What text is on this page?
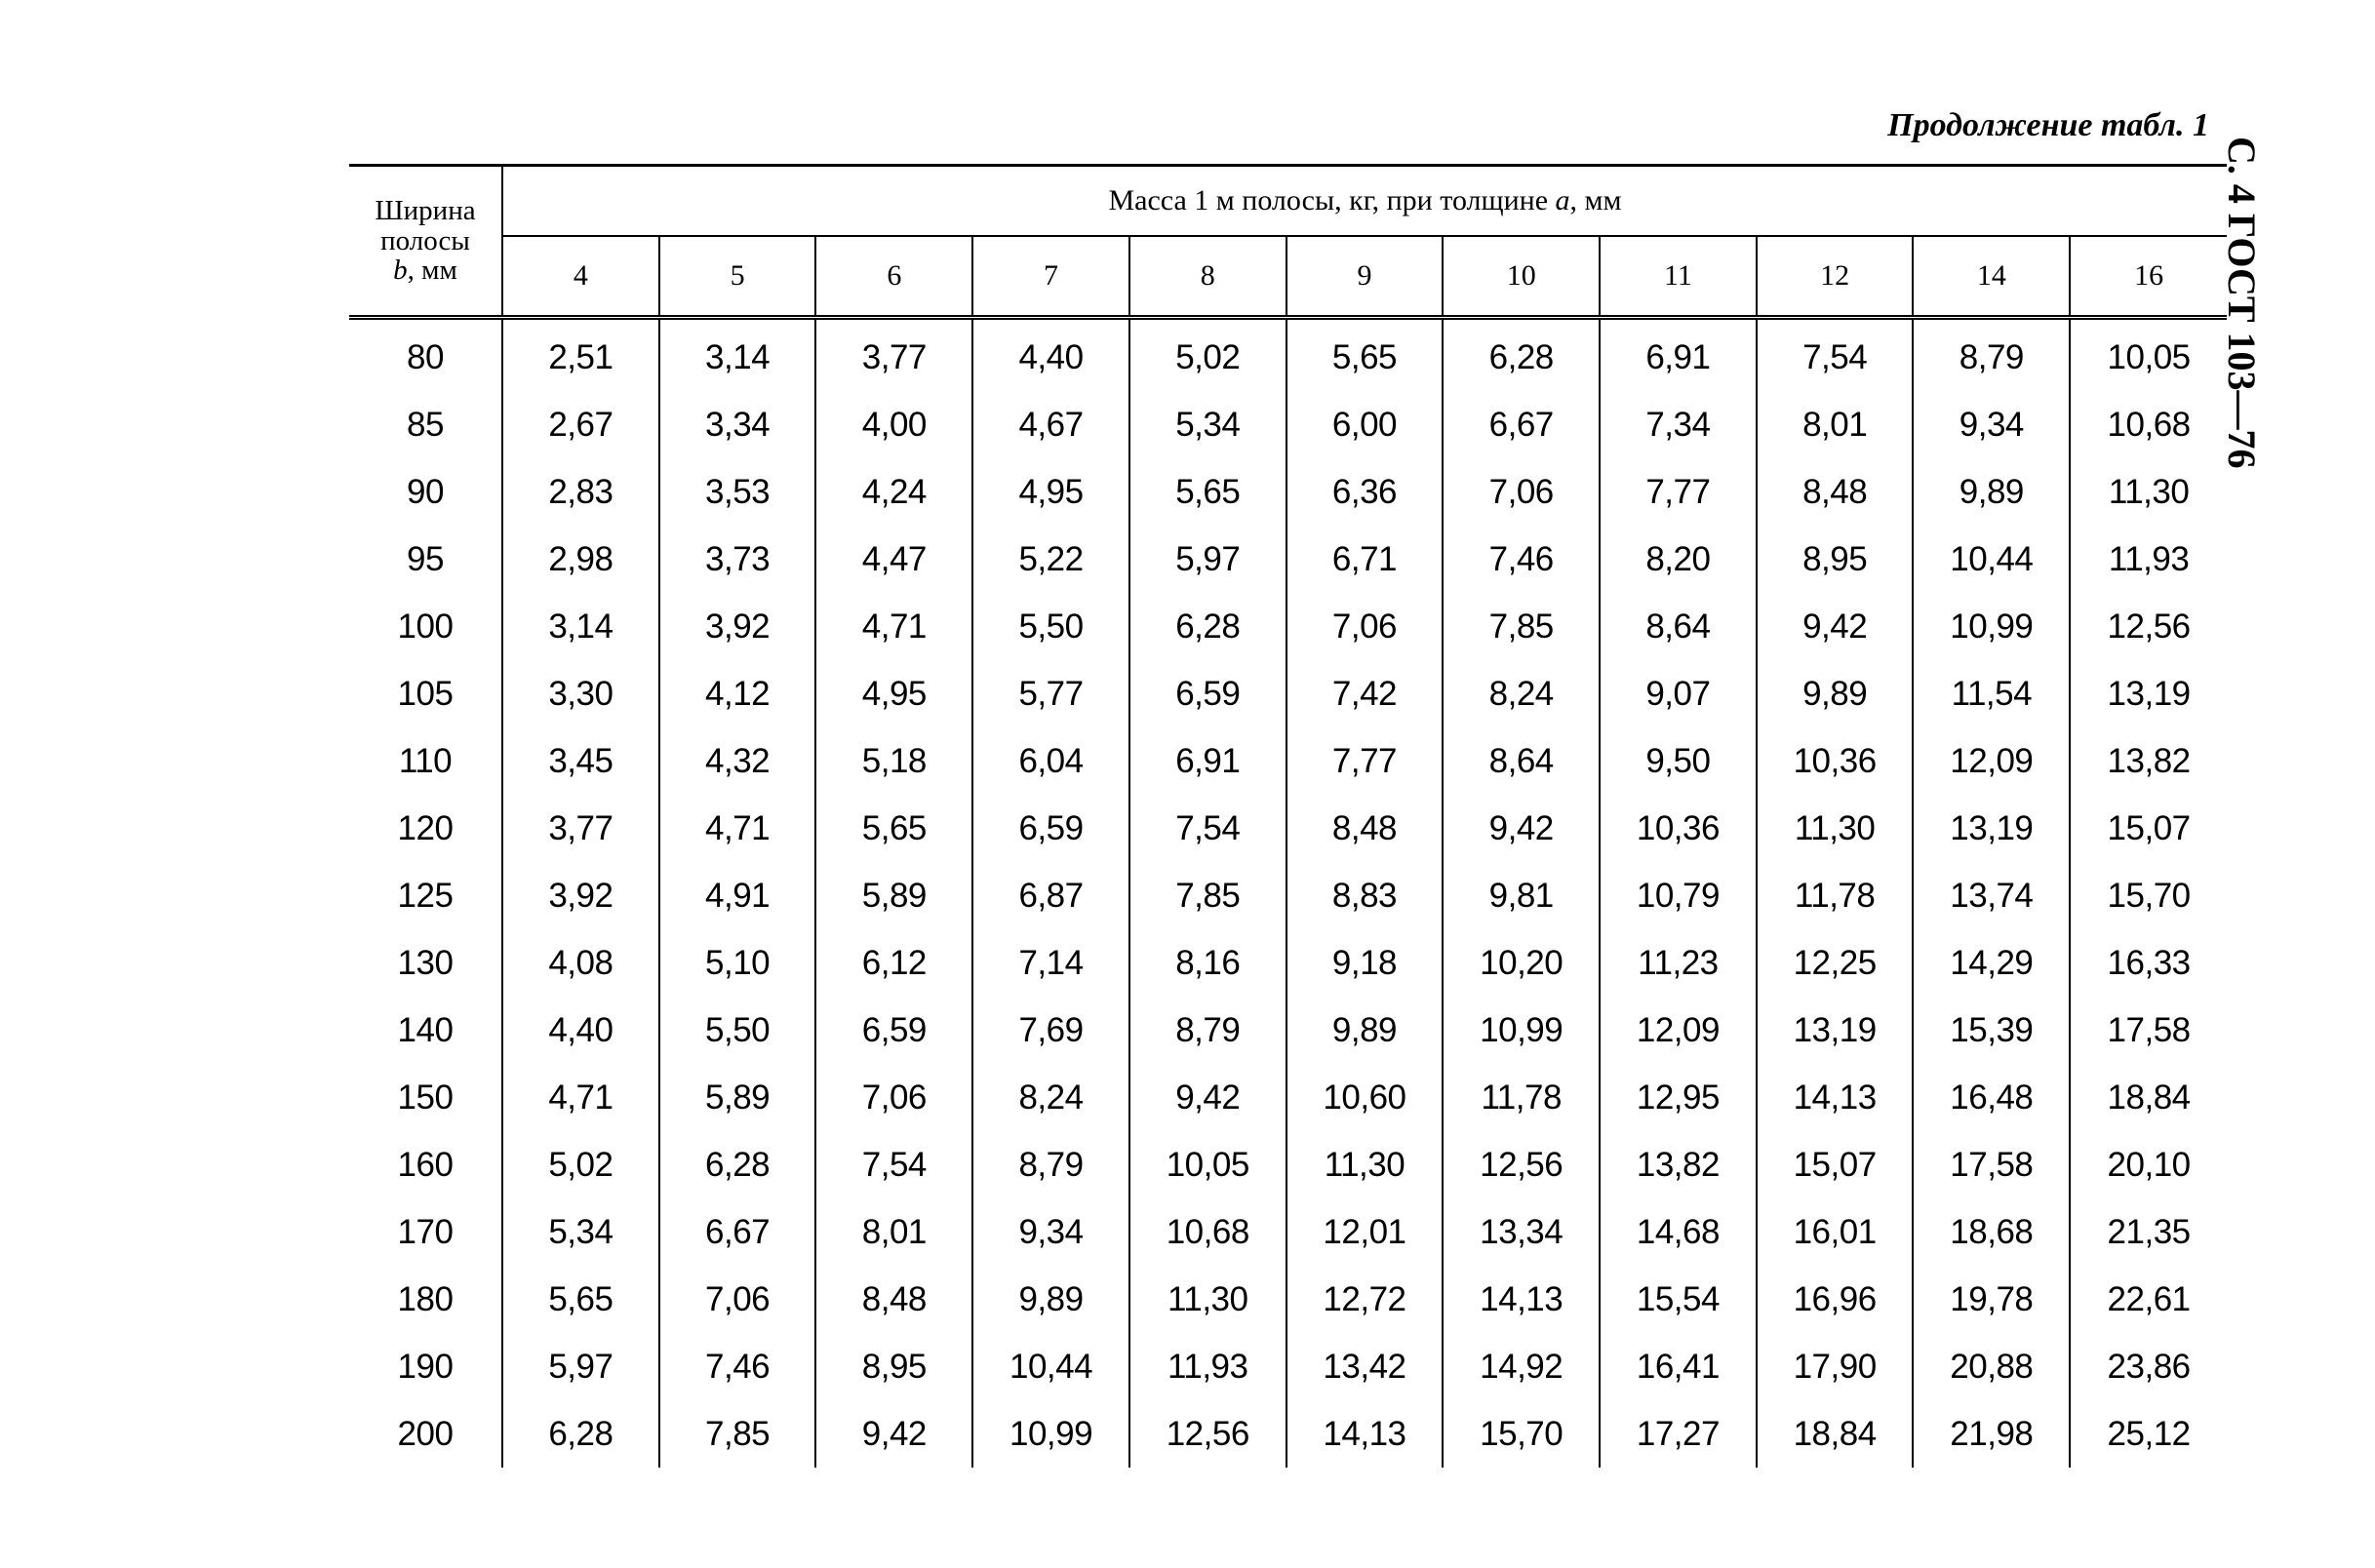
Продолжение табл. 1
С. 4 ГОСТ 103—76
Ширина
полосы
b, мм	Масса 1 м полосы, кг, при толщине a, мм										
	4	5	6	7	8	9	10	11	12	14	16
80	2,51	3,14	3,77	4,40	5,02	5,65	6,28	6,91	7,54	8,79	10,05
85	2,67	3,34	4,00	4,67	5,34	6,00	6,67	7,34	8,01	9,34	10,68
90	2,83	3,53	4,24	4,95	5,65	6,36	7,06	7,77	8,48	9,89	11,30
95	2,98	3,73	4,47	5,22	5,97	6,71	7,46	8,20	8,95	10,44	11,93
100	3,14	3,92	4,71	5,50	6,28	7,06	7,85	8,64	9,42	10,99	12,56
105	3,30	4,12	4,95	5,77	6,59	7,42	8,24	9,07	9,89	11,54	13,19
110	3,45	4,32	5,18	6,04	6,91	7,77	8,64	9,50	10,36	12,09	13,82
120	3,77	4,71	5,65	6,59	7,54	8,48	9,42	10,36	11,30	13,19	15,07
125	3,92	4,91	5,89	6,87	7,85	8,83	9,81	10,79	11,78	13,74	15,70
130	4,08	5,10	6,12	7,14	8,16	9,18	10,20	11,23	12,25	14,29	16,33
140	4,40	5,50	6,59	7,69	8,79	9,89	10,99	12,09	13,19	15,39	17,58
150	4,71	5,89	7,06	8,24	9,42	10,60	11,78	12,95	14,13	16,48	18,84
160	5,02	6,28	7,54	8,79	10,05	11,30	12,56	13,82	15,07	17,58	20,10
170	5,34	6,67	8,01	9,34	10,68	12,01	13,34	14,68	16,01	18,68	21,35
180	5,65	7,06	8,48	9,89	11,30	12,72	14,13	15,54	16,96	19,78	22,61
190	5,97	7,46	8,95	10,44	11,93	13,42	14,92	16,41	17,90	20,88	23,86
200	6,28	7,85	9,42	10,99	12,56	14,13	15,70	17,27	18,84	21,98	25,12
